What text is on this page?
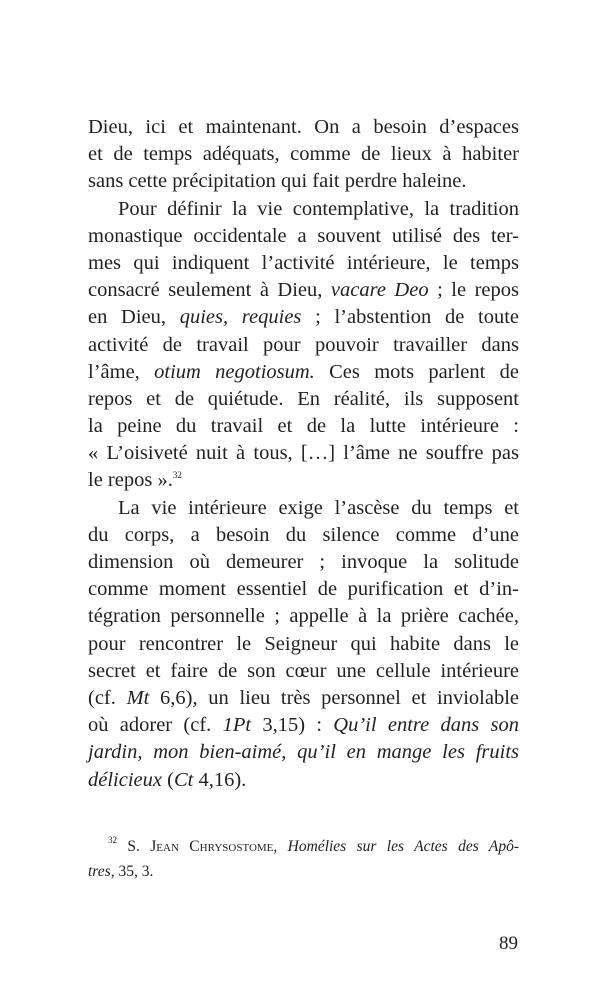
Dieu, ici et maintenant. On a besoin d’espaces
et de temps adéquats, comme de lieux à habiter
sans cette précipitation qui fait perdre haleine.
Pour définir la vie contemplative, la tradition
monastique occidentale a souvent utilisé des ter-
mes qui indiquent l’activité intérieure, le temps
consacré seulement à Dieu, vacare Deo ; le repos
en Dieu, quies, requies ; l’abstention de toute
activité de travail pour pouvoir travailler dans
l’âme, otium negotiosum. Ces mots parlent de
repos et de quiétude. En réalité, ils supposent
la peine du travail et de la lutte intérieure :
« L’oisiveté nuit à tous, […] l’âme ne souffre pas
le repos ».$^{32}$
La vie intérieure exige l’ascèse du temps et
du corps, a besoin du silence comme d’une
dimension où demeurer ; invoque la solitude
comme moment essentiel de purification et d’in-
tégration personnelle ; appelle à la prière cachée,
pour rencontrer le Seigneur qui habite dans le
secret et faire de son cœur une cellule intérieure
(cf. Mt 6,6), un lieu très personnel et inviolable
où adorer (cf. 1Pt 3,15) : Qu’il entre dans son
jardin, mon bien-aimé, qu’il en mange les fruits
délicieux (Ct 4,16).
$^{32}$ S. Jean Chrysostome, Homélies sur les Actes des Apô-
tres, 35, 3.
89
